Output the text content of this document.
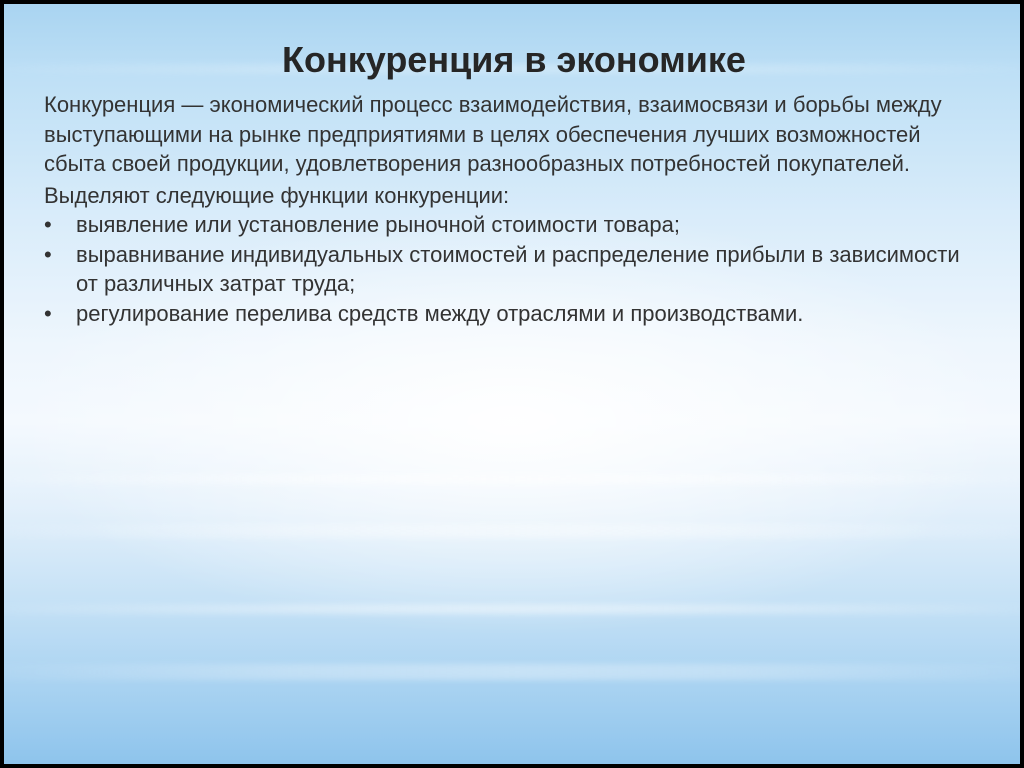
Конкуренция в экономике

Конкуренция — экономический процесс взаимодействия, взаимосвязи и борьбы между выступающими на рынке предприятиями в целях обеспечения лучших возможностей сбыта своей продукции, удовлетворения разнообразных потребностей покупателей.

Выделяют следующие функции конкуренции:

• выявление или установление рыночной стоимости товара;
• выравнивание индивидуальных стоимостей и распределение прибыли в зависимости от различных затрат труда;
• регулирование перелива средств между отраслями и производствами.
